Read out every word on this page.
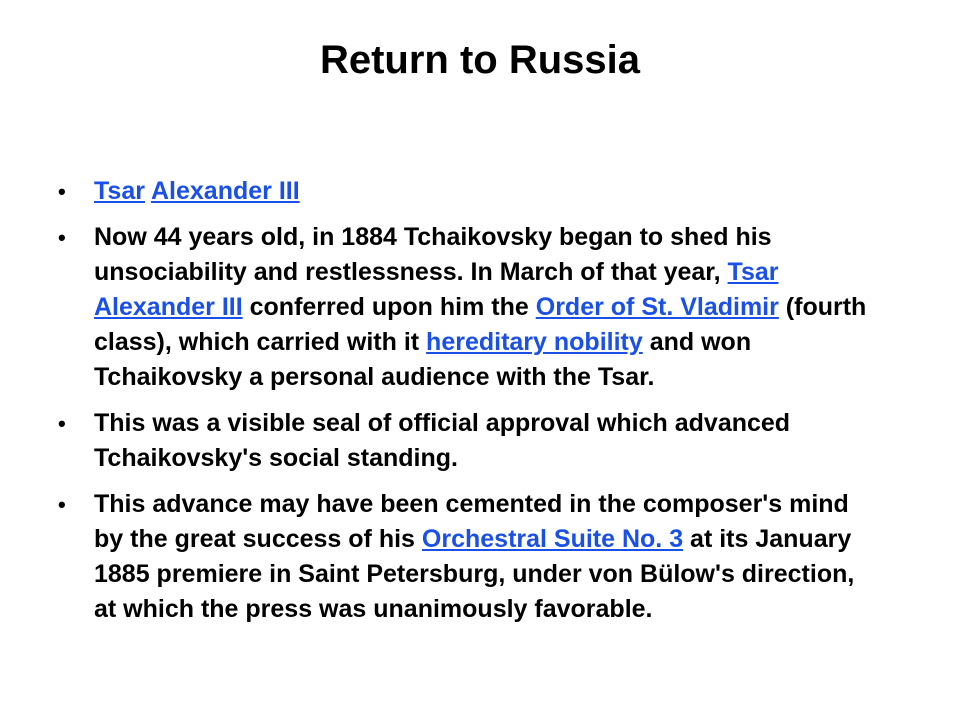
Return to Russia
• Tsar Alexander III
• Now 44 years old, in 1884 Tchaikovsky began to shed his unsociability and restlessness. In March of that year, Tsar Alexander III conferred upon him the Order of St. Vladimir (fourth class), which carried with it hereditary nobility and won Tchaikovsky a personal audience with the Tsar.
• This was a visible seal of official approval which advanced Tchaikovsky's social standing.
• This advance may have been cemented in the composer's mind by the great success of his Orchestral Suite No. 3 at its January 1885 premiere in Saint Petersburg, under von Bülow's direction, at which the press was unanimously favorable.
